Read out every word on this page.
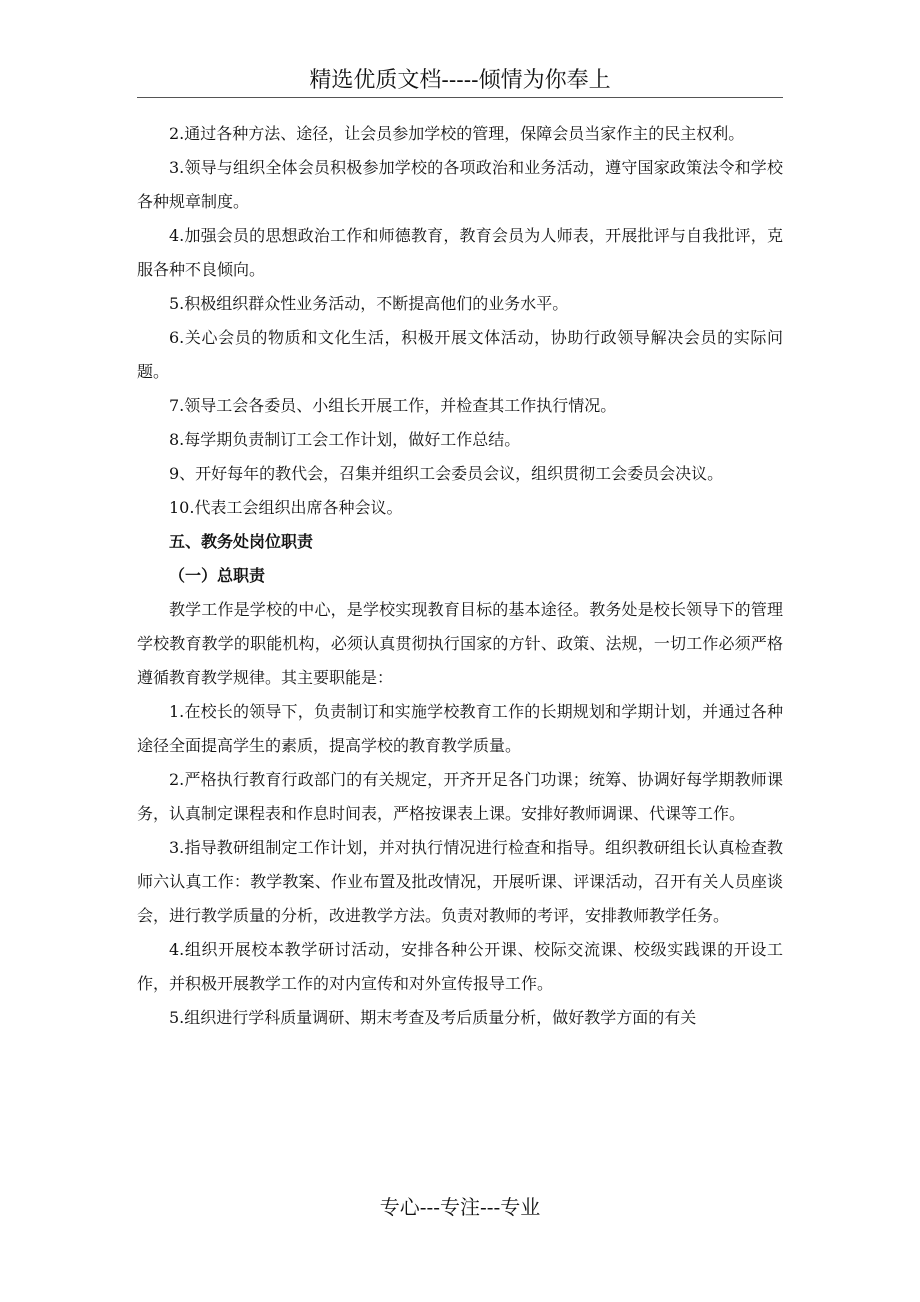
精选优质文档-----倾情为你奉上

2.通过各种方法、途径，让会员参加学校的管理，保障会员当家作主的民主权利。

3.领导与组织全体会员积极参加学校的各项政治和业务活动，遵守国家政策法令和学校各种规章制度。

4.加强会员的思想政治工作和师德教育，教育会员为人师表，开展批评与自我批评，克服各种不良倾向。

5.积极组织群众性业务活动，不断提高他们的业务水平。

6.关心会员的物质和文化生活，积极开展文体活动，协助行政领导解决会员的实际问题。

7.领导工会各委员、小组长开展工作，并检查其工作执行情况。

8.每学期负责制订工会工作计划，做好工作总结。

9、开好每年的教代会，召集并组织工会委员会议，组织贯彻工会委员会决议。

10.代表工会组织出席各种会议。

五、教务处岗位职责

（一）总职责

教学工作是学校的中心，是学校实现教育目标的基本途径。教务处是校长领导下的管理学校教育教学的职能机构，必须认真贯彻执行国家的方针、政策、法规，一切工作必须严格遵循教育教学规律。其主要职能是：

1.在校长的领导下，负责制订和实施学校教育工作的长期规划和学期计划，并通过各种途径全面提高学生的素质，提高学校的教育教学质量。

2.严格执行教育行政部门的有关规定，开齐开足各门功课；统筹、协调好每学期教师课务，认真制定课程表和作息时间表，严格按课表上课。安排好教师调课、代课等工作。

3.指导教研组制定工作计划，并对执行情况进行检查和指导。组织教研组长认真检查教师六认真工作：教学教案、作业布置及批改情况，开展听课、评课活动，召开有关人员座谈会，进行教学质量的分析，改进教学方法。负责对教师的考评，安排教师教学任务。

4.组织开展校本教学研讨活动，安排各种公开课、校际交流课、校级实践课的开设工作，并积极开展教学工作的对内宣传和对外宣传报导工作。

5.组织进行学科质量调研、期末考查及考后质量分析，做好教学方面的有关

专心---专注---专业
